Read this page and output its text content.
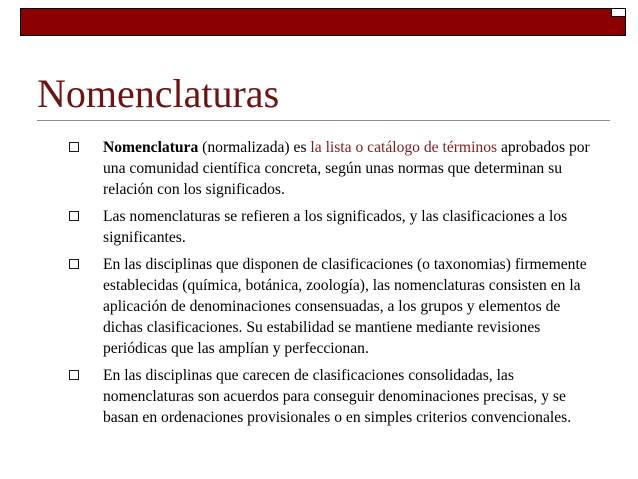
Nomenclaturas
Nomenclatura (normalizada) es la lista o catálogo de términos aprobados por una comunidad científica concreta, según unas normas que determinan su relación con los significados.
Las nomenclaturas se refieren a los significados, y las clasificaciones a los significantes.
En las disciplinas que disponen de clasificaciones (o taxonomias) firmemente establecidas (química, botánica, zoología), las nomenclaturas consisten en la aplicación de denominaciones consensuadas, a los grupos y elementos de dichas clasificaciones. Su estabilidad se mantiene mediante revisiones periódicas que las amplían y perfeccionan.
En las disciplinas que carecen de clasificaciones consolidadas, las nomenclaturas son acuerdos para conseguir denominaciones precisas, y se basan en ordenaciones provisionales o en simples criterios convencionales.
